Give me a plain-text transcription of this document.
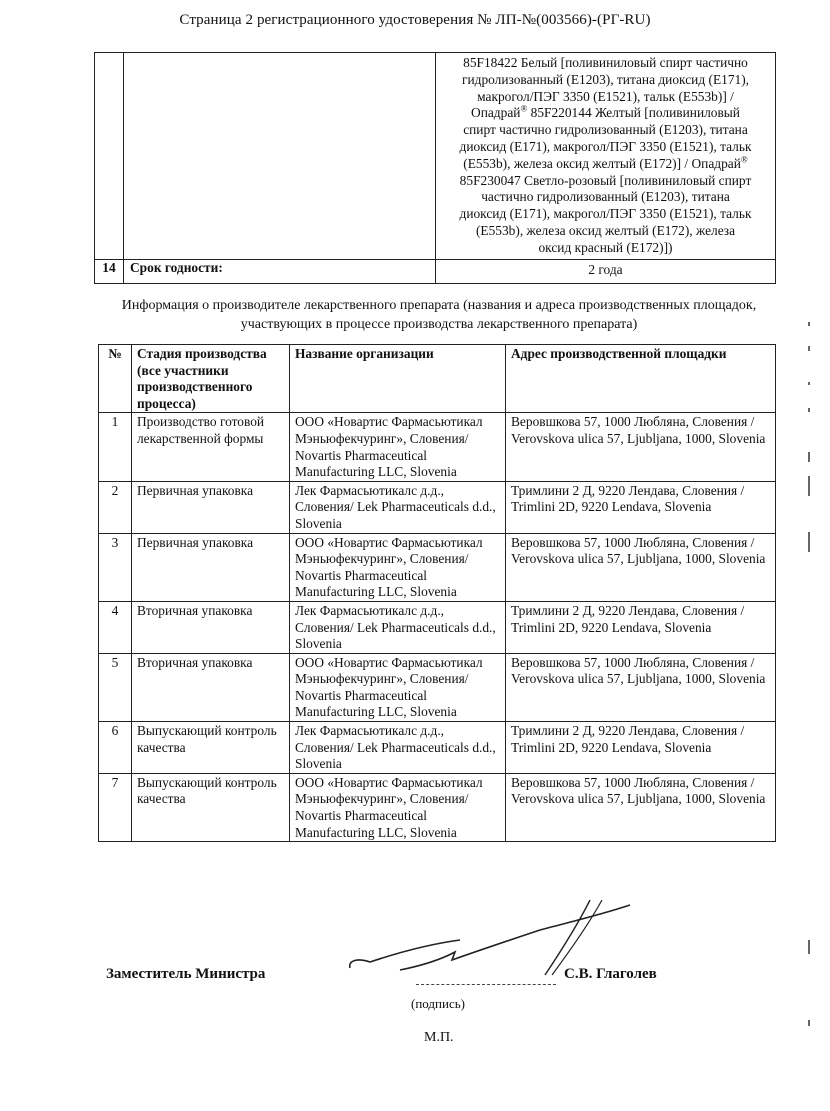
Страница 2 регистрационного удостоверения № ЛП-№(003566)-(РГ-RU)
		85F18422 Белый [поливиниловый спирт частично
гидролизованный (E1203), титана диоксид (E171),
макрогол/ПЭГ 3350 (E1521), тальк (E553b)] /
Опадрай® 85F220144 Желтый [поливиниловый
спирт частично гидролизованный (E1203), титана
диоксид (E171), макрогол/ПЭГ 3350 (E1521), тальк
(E553b), железа оксид желтый (E172)] / Опадрай®
85F230047 Светло-розовый [поливиниловый спирт
частично гидролизованный (E1203), титана
диоксид (E171), макрогол/ПЭГ 3350 (E1521), тальк
(E553b), железа оксид желтый (E172), железа
оксид красный (E172)])
14	Срок годности:	2 года
Информация о производителе лекарственного препарата (названия и адреса производственных площадок,
участвующих в процессе производства лекарственного препарата)
№	Стадия производства (все участники производственного процесса)	Название организации	Адрес производственной площадки
1	Производство готовой лекарственной формы	ООО «Новартис Фармасьютикал Мэньюфекчуринг», Словения/ Novartis Pharmaceutical Manufacturing LLC, Slovenia	Веровшкова 57, 1000 Любляна, Словения / Verovskova ulica 57, Ljubljana, 1000, Slovenia
2	Первичная упаковка	Лек Фармасьютикалс д.д., Словения/ Lek Pharmaceuticals d.d., Slovenia	Тримлини 2 Д, 9220 Лендава, Словения / Trimlini 2D, 9220 Lendava, Slovenia
3	Первичная упаковка	ООО «Новартис Фармасьютикал Мэньюфекчуринг», Словения/ Novartis Pharmaceutical Manufacturing LLC, Slovenia	Веровшкова 57, 1000 Любляна, Словения / Verovskova ulica 57, Ljubljana, 1000, Slovenia
4	Вторичная упаковка	Лек Фармасьютикалс д.д., Словения/ Lek Pharmaceuticals d.d., Slovenia	Тримлини 2 Д, 9220 Лендава, Словения / Trimlini 2D, 9220 Lendava, Slovenia
5	Вторичная упаковка	ООО «Новартис Фармасьютикал Мэньюфекчуринг», Словения/ Novartis Pharmaceutical Manufacturing LLC, Slovenia	Веровшкова 57, 1000 Любляна, Словения / Verovskova ulica 57, Ljubljana, 1000, Slovenia
6	Выпускающий контроль качества	Лек Фармасьютикалс д.д., Словения/ Lek Pharmaceuticals d.d., Slovenia	Тримлини 2 Д, 9220 Лендава, Словения / Trimlini 2D, 9220 Lendava, Slovenia
7	Выпускающий контроль качества	ООО «Новартис Фармасьютикал Мэньюфекчуринг», Словения/ Novartis Pharmaceutical Manufacturing LLC, Slovenia	Веровшкова 57, 1000 Любляна, Словения / Verovskova ulica 57, Ljubljana, 1000, Slovenia
Заместитель Министра	С.В. Глаголев
(подпись)
М.П.
